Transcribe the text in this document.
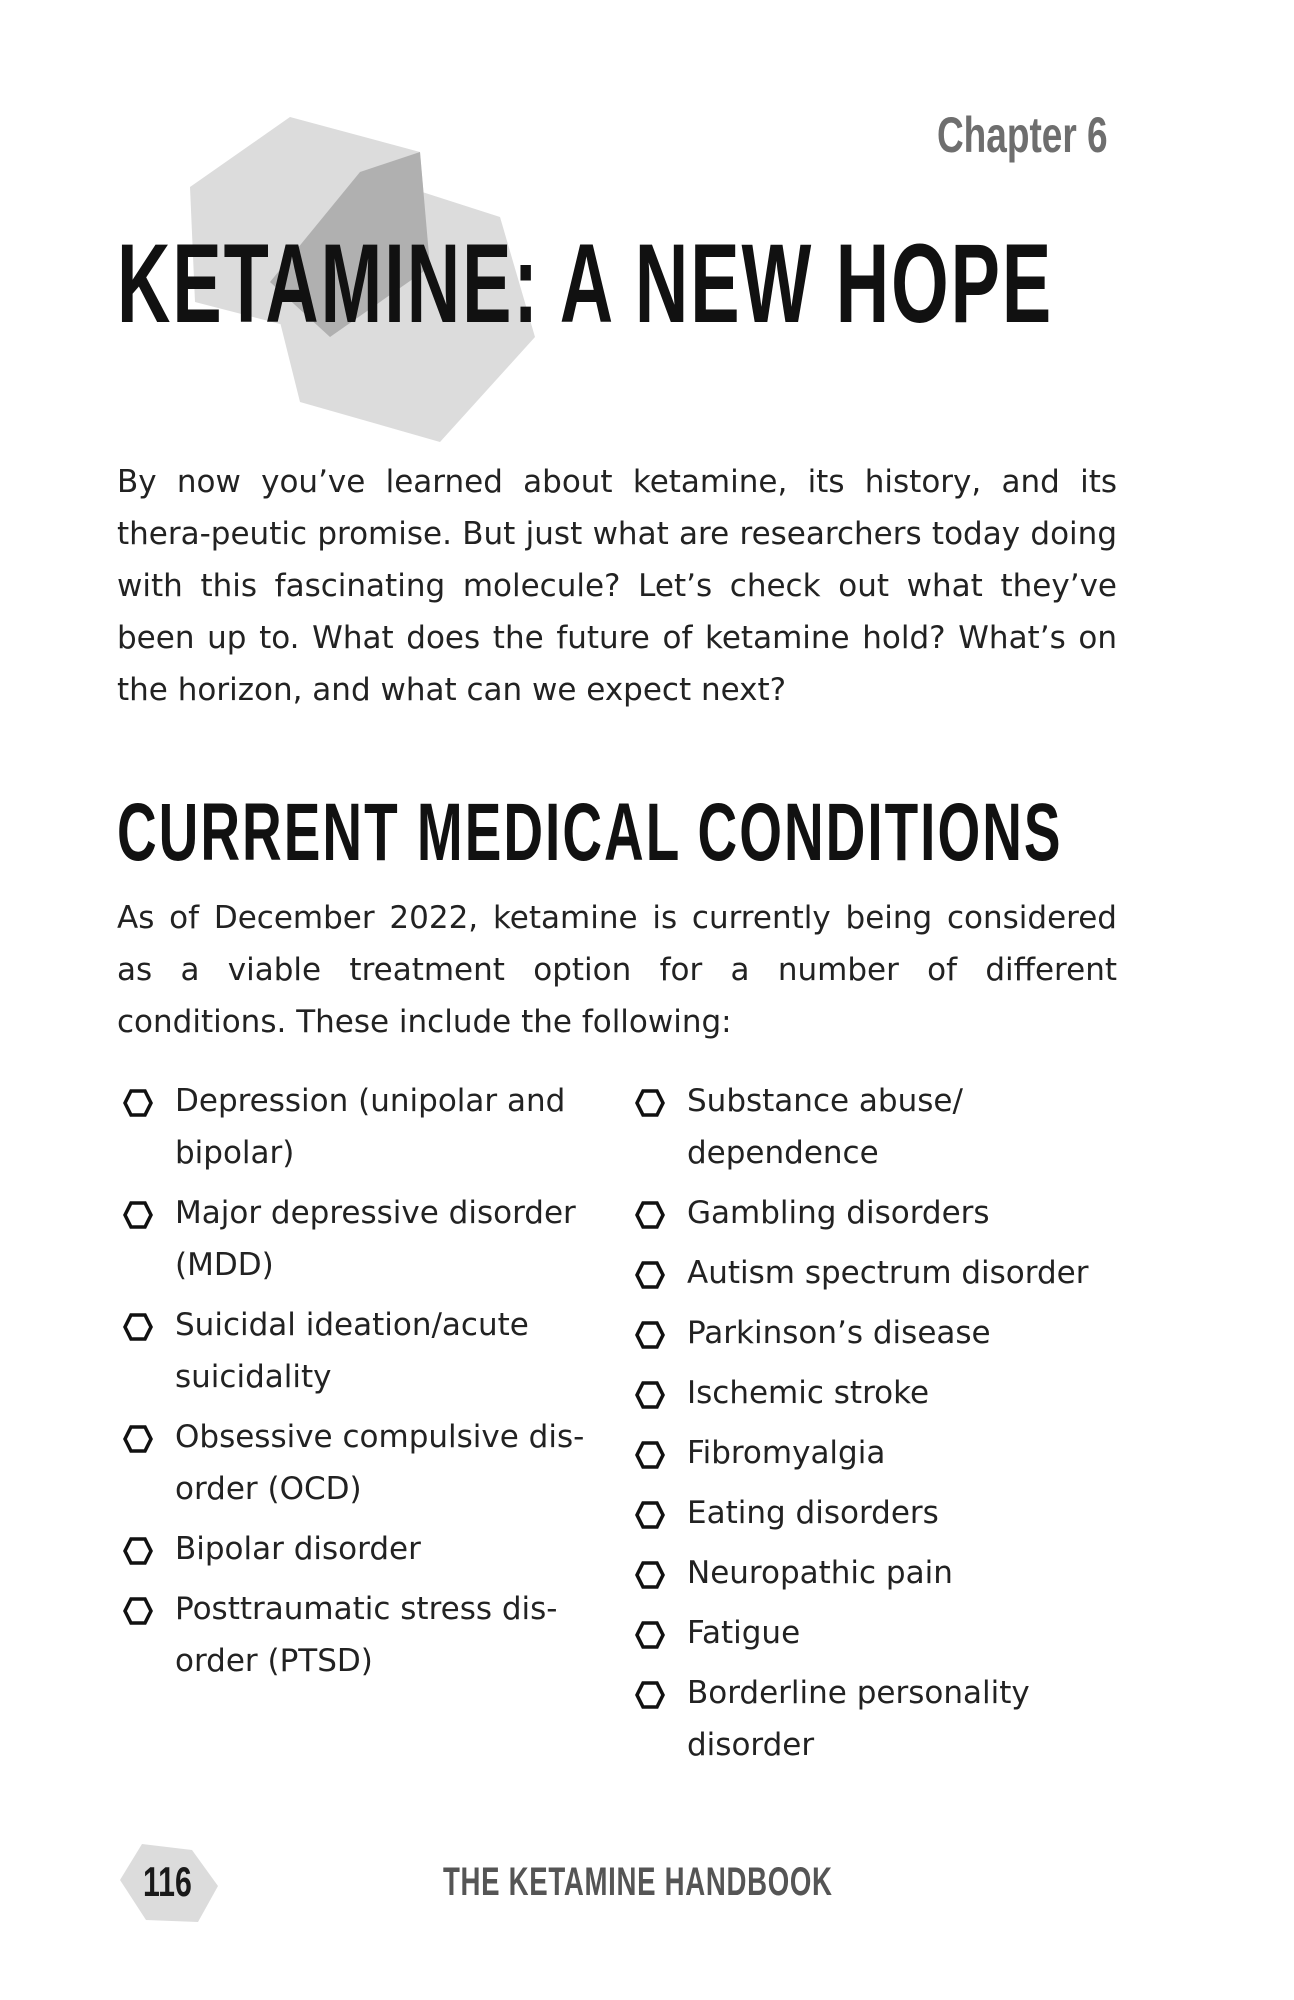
Chapter 6
KETAMINE: A NEW HOPE

By now you’ve learned about ketamine, its history, and its thera-peutic promise. But just what are researchers today doing with this fascinating molecule? Let’s check out what they’ve been up to. What does the future of ketamine hold? What’s on the horizon, and what can we expect next?

CURRENT MEDICAL CONDITIONS

As of December 2022, ketamine is currently being considered as a viable treatment option for a number of different conditions. These include the following:

Depression (unipolar and bipolar)
Major depressive disorder (MDD)
Suicidal ideation/acute suicidality
Obsessive compulsive dis-order (OCD)
Bipolar disorder
Posttraumatic stress dis-order (PTSD)
Substance abuse/ dependence
Gambling disorders
Autism spectrum disorder
Parkinson’s disease
Ischemic stroke
Fibromyalgia
Eating disorders
Neuropathic pain
Fatigue
Borderline personality disorder
116	THE KETAMINE HANDBOOK
